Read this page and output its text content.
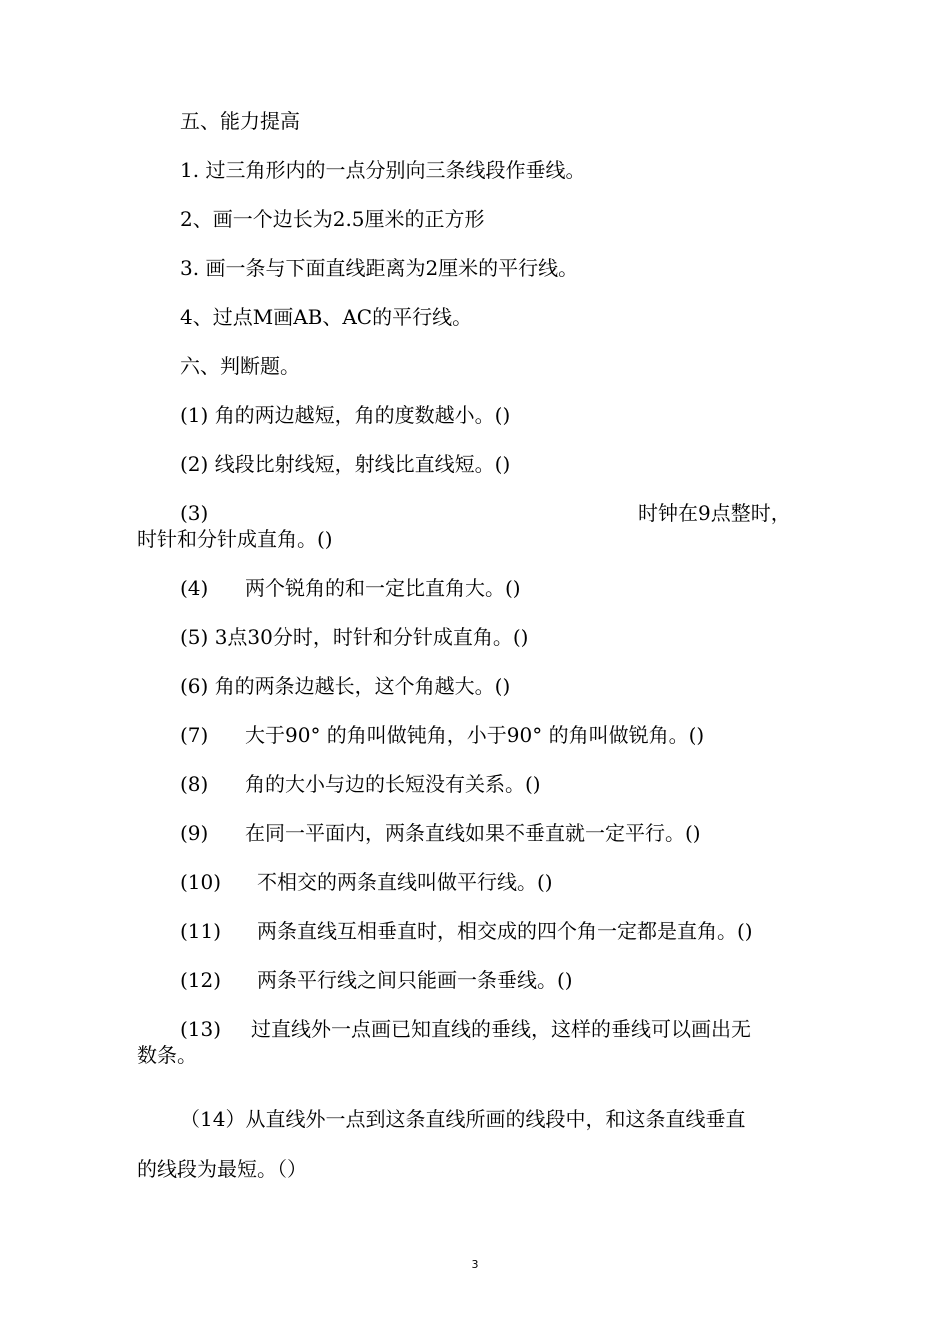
五、能力提高
1. 过三角形内的一点分别向三条线段作垂线。
2、画一个边长为2.5厘米的正方形
3. 画一条与下面直线距离为2厘米的平行线。
4、过点M画AB、AC的平行线。
六、判断题。
(1) 角的两边越短，角的度数越小。()
(2) 线段比射线短，射线比直线短。()
(3)	时钟在9点整时，
时针和分针成直角。()
(4) 两个锐角的和一定比直角大。()
(5) 3点30分时，时针和分针成直角。()
(6) 角的两条边越长，这个角越大。()
(7) 大于90° 的角叫做钝角，小于90° 的角叫做锐角。()
(8) 角的大小与边的长短没有关系。()
(9) 在同一平面内，两条直线如果不垂直就一定平行。()
(10) 不相交的两条直线叫做平行线。()
(11) 两条直线互相垂直时，相交成的四个角一定都是直角。()
(12) 两条平行线之间只能画一条垂线。()
(13) 过直线外一点画已知直线的垂线，这样的垂线可以画出无
数条。
（14）从直线外一点到这条直线所画的线段中，和这条直线垂直
的线段为最短。（）
3
